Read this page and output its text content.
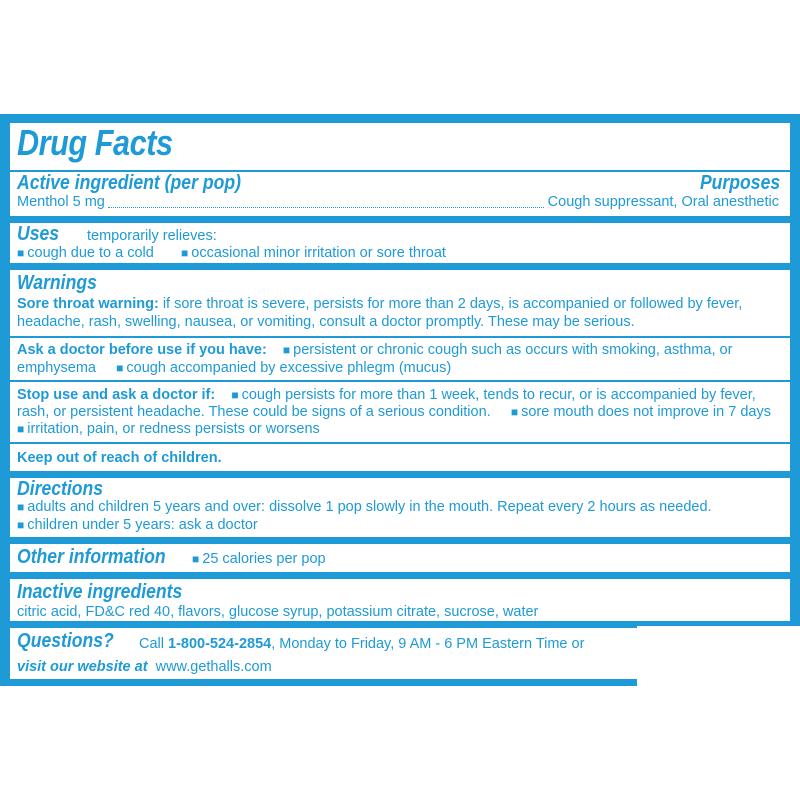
Drug Facts
Active ingredient (per pop)	Purposes
Menthol 5 mg	Cough suppressant, Oral anesthetic
Uses temporarily relieves:
■ cough due to a cold ■ occasional minor irritation or sore throat
Warnings
Sore throat warning: if sore throat is severe, persists for more than 2 days, is accompanied or followed by fever,
headache, rash, swelling, nausea, or vomiting, consult a doctor promptly. These may be serious.
Ask a doctor before use if you have: ■ persistent or chronic cough such as occurs with smoking, asthma, or
emphysema ■ cough accompanied by excessive phlegm (mucus)
Stop use and ask a doctor if: ■ cough persists for more than 1 week, tends to recur, or is accompanied by fever,
rash, or persistent headache. These could be signs of a serious condition. ■ sore mouth does not improve in 7 days
■ irritation, pain, or redness persists or worsens
Keep out of reach of children.
Directions
■ adults and children 5 years and over: dissolve 1 pop slowly in the mouth. Repeat every 2 hours as needed.
■ children under 5 years: ask a doctor
Other information ■ 25 calories per pop
Inactive ingredients
citric acid, FD&C red 40, flavors, glucose syrup, potassium citrate, sucrose, water
Questions? Call 1-800-524-2854, Monday to Friday, 9 AM - 6 PM Eastern Time or
visit our website at www.gethalls.com
